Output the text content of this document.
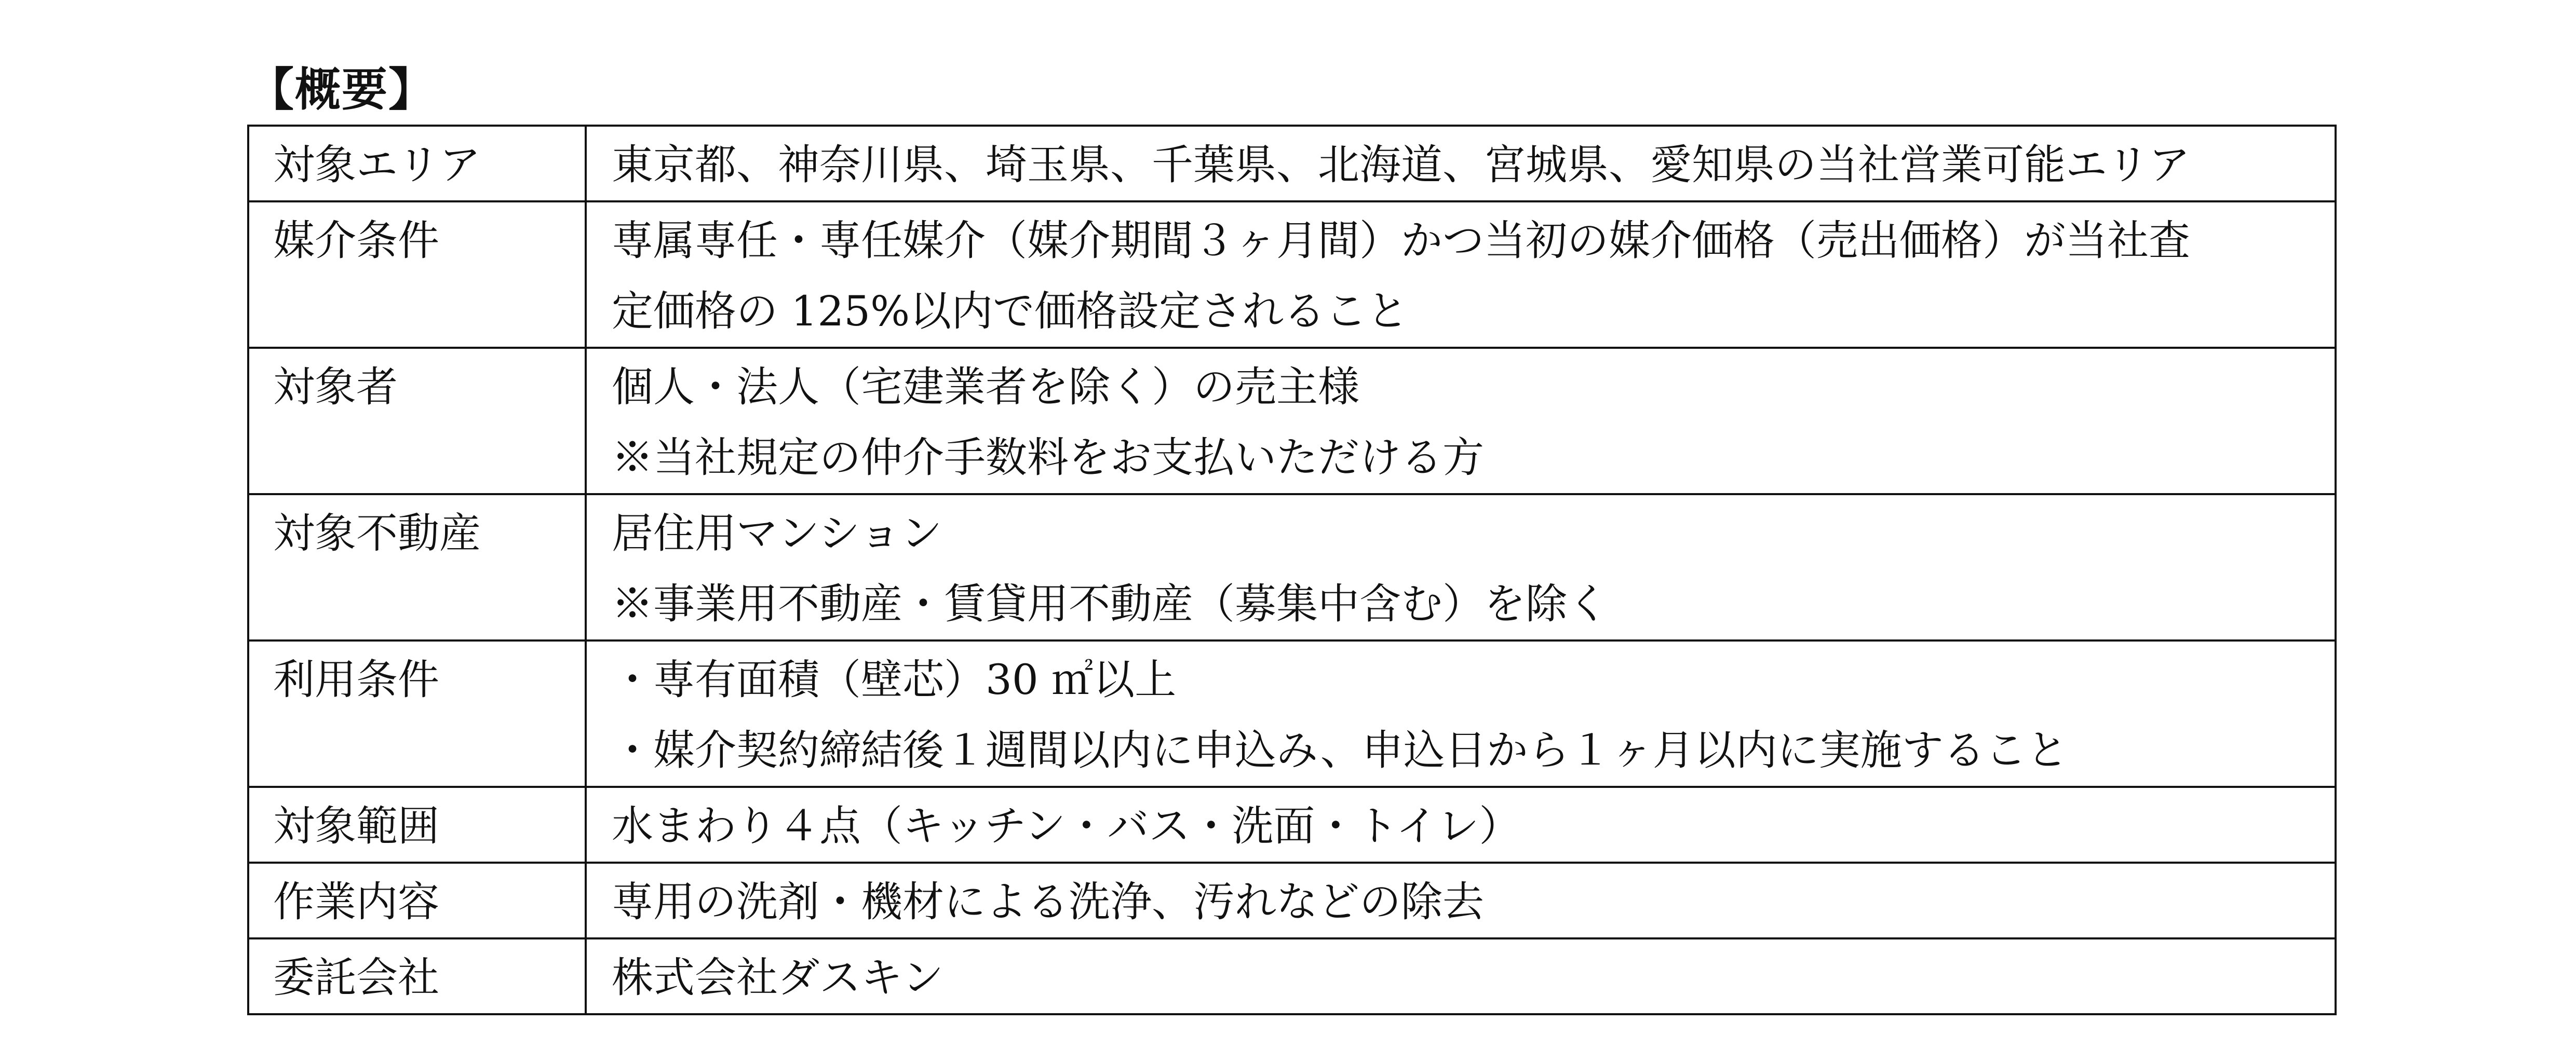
【概要】
対象エリア	東京都、神奈川県、埼玉県、千葉県、北海道、宮城県、愛知県の当社営業可能エリア

媒介条件	専属専任・専任媒介（媒介期間３ヶ月間）かつ当初の媒介価格（売出価格）が当社査
定価格の 125%以内で価格設定されること

対象者	個人・法人（宅建業者を除く）の売主様
※当社規定の仲介手数料をお支払いただける方

対象不動産	居住用マンション
※事業用不動産・賃貸用不動産（募集中含む）を除く

利用条件	・専有面積（壁芯）30 ㎡以上
・媒介契約締結後１週間以内に申込み、申込日から１ヶ月以内に実施すること

対象範囲	水まわり４点（キッチン・バス・洗面・トイレ）

作業内容	専用の洗剤・機材による洗浄、汚れなどの除去

委託会社	株式会社ダスキン
